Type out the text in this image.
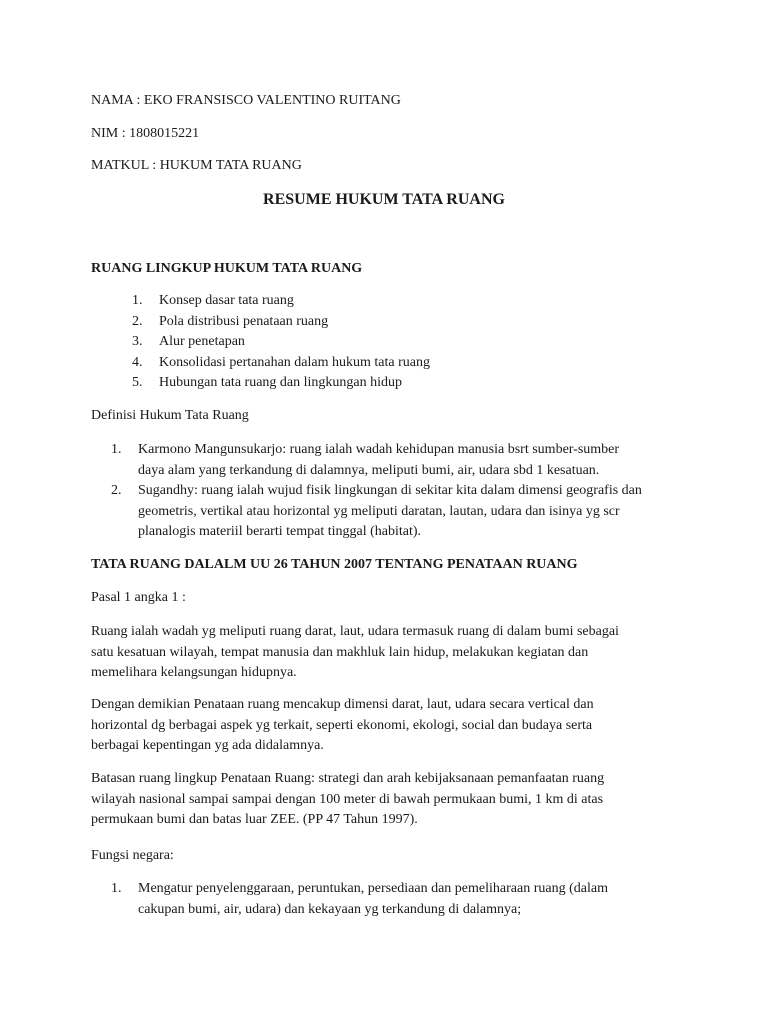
NAMA : EKO FRANSISCO VALENTINO RUITANG
NIM : 1808015221
MATKUL : HUKUM TATA RUANG
RESUME HUKUM TATA RUANG
RUANG LINGKUP HUKUM TATA RUANG
1. Konsep dasar tata ruang
2. Pola distribusi penataan ruang
3. Alur penetapan
4. Konsolidasi pertanahan dalam hukum tata ruang
5. Hubungan tata ruang dan lingkungan hidup
Definisi Hukum Tata Ruang
1. Karmono Mangunsukarjo: ruang ialah wadah kehidupan manusia bsrt sumber-sumber
daya alam yang terkandung di dalamnya, meliputi bumi, air, udara sbd 1 kesatuan.
2. Sugandhy: ruang ialah wujud fisik lingkungan di sekitar kita dalam dimensi geografis dan
geometris, vertikal atau horizontal yg meliputi daratan, lautan, udara dan isinya yg scr
planalogis materiil berarti tempat tinggal (habitat).
TATA RUANG DALALM UU 26 TAHUN 2007 TENTANG PENATAAN RUANG
Pasal 1 angka 1 :
Ruang ialah wadah yg meliputi ruang darat, laut, udara termasuk ruang di dalam bumi sebagai
satu kesatuan wilayah, tempat manusia dan makhluk lain hidup, melakukan kegiatan dan
memelihara kelangsungan hidupnya.
Dengan demikian Penataan ruang mencakup dimensi darat, laut, udara secara vertical dan
horizontal dg berbagai aspek yg terkait, seperti ekonomi, ekologi, social dan budaya serta
berbagai kepentingan yg ada didalamnya.
Batasan ruang lingkup Penataan Ruang: strategi dan arah kebijaksanaan pemanfaatan ruang
wilayah nasional sampai sampai dengan 100 meter di bawah permukaan bumi, 1 km di atas
permukaan bumi dan batas luar ZEE. (PP 47 Tahun 1997).
Fungsi negara:
1. Mengatur penyelenggaraan, peruntukan, persediaan dan pemeliharaan ruang (dalam
cakupan bumi, air, udara) dan kekayaan yg terkandung di dalamnya;
